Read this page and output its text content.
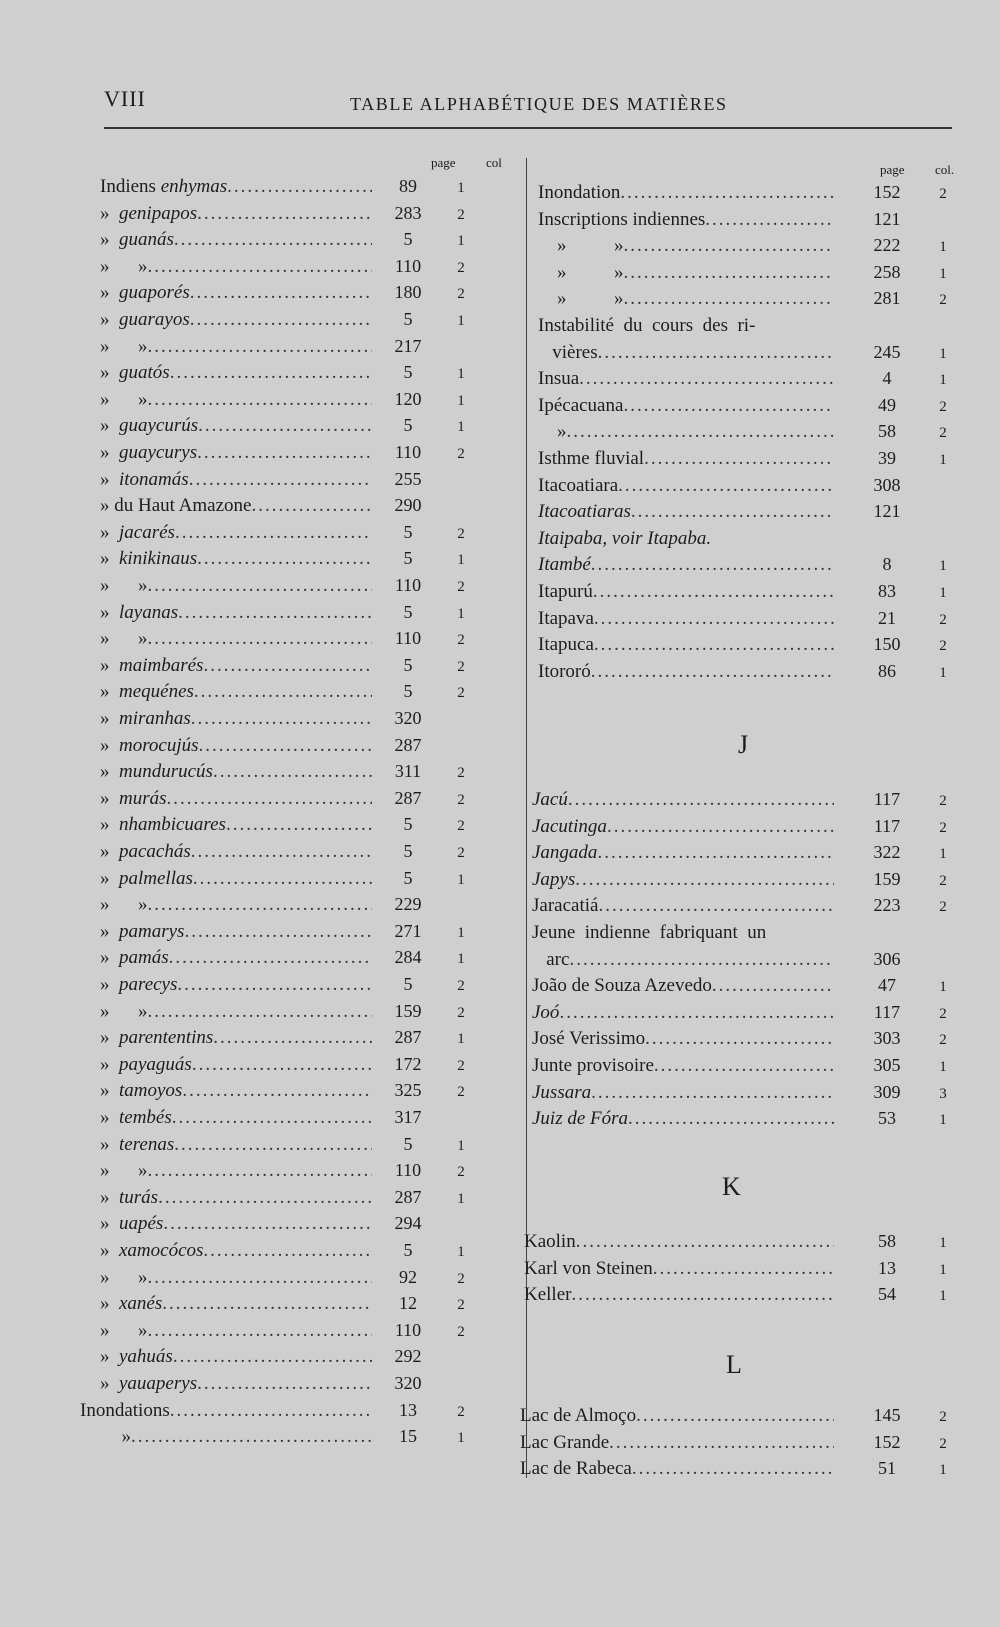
VIII	TABLE ALPHABÉTIQUE DES MATIÈRES
page col	page col.
Indiens enhymas .....	89	1
»  genipapos .....	283	2
»  guanás .....	5	1
»      » .....	110	2
»  guaporés .....	180	2
»  guarayos .....	5	1
»      » .....	217
»  guatós .....	5	1
»      » .....	120	1
»  guaycurús .....	5	1
»  guaycurys .....	110	2
»  itonamás .....	255
» du Haut Amazone .....	290
»  jacarés .....	5	2
»  kinikinaus .....	5	1
»      » .....	110	2
»  layanas .....	5	1
»      » .....	110	2
»  maimbarés .....	5	2
»  mequénes .....	5	2
»  miranhas .....	320
»  morocujús .....	287
»  mundurucús .....	311	2
»  murás .....	287	2
»  nhambicuares .....	5	2
»  pacachás .....	5	2
»  palmellas .....	5	1
»      » .....	229
»  pamarys .....	271	1
»  pamás .....	284	1
»  parecys .....	5	2
»      » .....	159	2
»  parententins .....	287	1
»  payaguás .....	172	2
»  tamoyos .....	325	2
»  tembés .....	317
»  terenas .....	5	1
»      » .....	110	2
»  turás .....	287	1
»  uapés .....	294
»  xamocócos .....	5	1
»      » .....	92	2
»  xanés .....	12	2
»      » .....	110	2
»  yahuás .....	292
»  yauaperys .....	320
Inondations .....	13	2
» .....	15	1
Inondation .....	152	2
Inscriptions indiennes .....	121
»          » .....	222	1
»          » .....	258	1
»          » .....	281	2
Instabilité  du  cours  des  ri-
vières .....	245	1
Insua .....	4	1
Ipécacuana .....	49	2
» .....	58	2
Isthme fluvial .....	39	1
Itacoatiara .....	308
Itacoatiaras .....	121
Itaipaba, voir Itapaba.
Itambé .....	8	1
Itapurú .....	83	1
Itapava .....	21	2
Itapuca .....	150	2
Itororó .....	86	1
J
Jacú .....	117	2
Jacutinga .....	117	2
Jangada .....	322	1
Japys .....	159	2
Jaracatiá .....	223	2
Jeune  indienne  fabriquant  un
arc .....	306
João de Souza Azevedo .....	47	1
Joó .....	117	2
José Verissimo .....	303	2
Junte provisoire .....	305	1
Jussara .....	309	3
Juiz de Fóra .....	53	1
K
Kaolin .....	58	1
Karl von Steinen .....	13	1
Keller .....	54	1
L
Lac de Almoço .....	145	2
Lac Grande .....	152	2
Lac de Rabeca .....	51	1
